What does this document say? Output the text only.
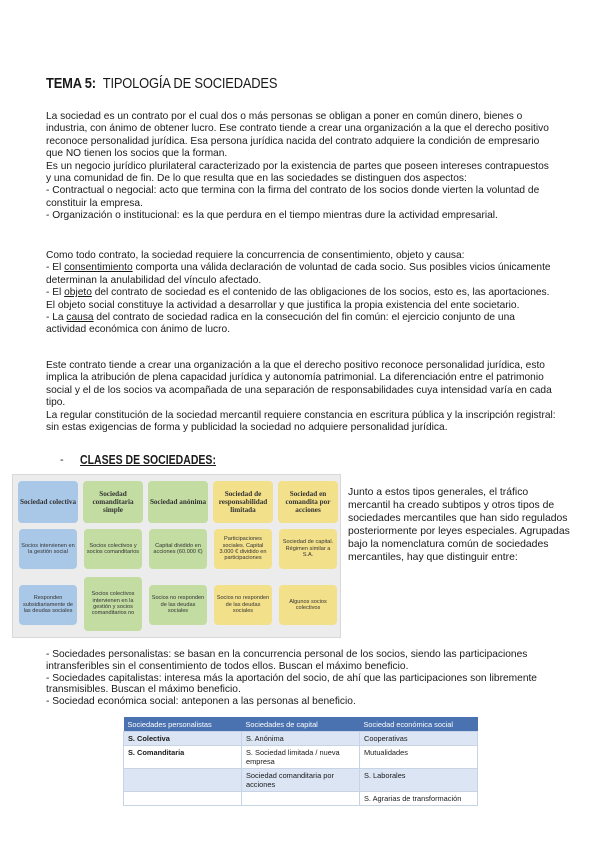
TEMA 5: TIPOLOGÍA DE SOCIEDADES

La sociedad es un contrato por el cual dos o más personas se obligan a poner en común dinero, bienes o industria, con ánimo de obtener lucro. Ese contrato tiende a crear una organización a la que el derecho positivo reconoce personalidad jurídica. Esa persona jurídica nacida del contrato adquiere la condición de empresario que NO tienen los socios que la forman.

Es un negocio jurídico plurilateral caracterizado por la existencia de partes que poseen intereses contrapuestos y una comunidad de fin. De lo que resulta que en las sociedades se distinguen dos aspectos:

- Contractual o negocial: acto que termina con la firma del contrato de los socios donde vierten la voluntad de constituir la empresa.

- Organización o institucional: es la que perdura en el tiempo mientras dure la actividad empresarial.

Como todo contrato, la sociedad requiere la concurrencia de consentimiento, objeto y causa:

- El consentimiento comporta una válida declaración de voluntad de cada socio. Sus posibles vicios únicamente determinan la anulabilidad del vínculo afectado.

- El objeto del contrato de sociedad es el contenido de las obligaciones de los socios, esto es, las aportaciones. El objeto social constituye la actividad a desarrollar y que justifica la propia existencia del ente societario.

- La causa del contrato de sociedad radica en la consecución del fin común: el ejercicio conjunto de una actividad económica con ánimo de lucro.

Este contrato tiende a crear una organización a la que el derecho positivo reconoce personalidad jurídica, esto implica la atribución de plena capacidad jurídica y autonomía patrimonial. La diferenciación entre el patrimonio social y el de los socios va acompañada de una separación de responsabilidades cuya intensidad varía en cada tipo.

La regular constitución de la sociedad mercantil requiere constancia en escritura pública y la inscripción registral: sin estas exigencias de forma y publicidad la sociedad no adquiere personalidad jurídica.

- CLASES DE SOCIEDADES:
Sociedad colectiva
Socios intervienen en la gestión social
Responden subsidiariamente de las deudas sociales
Sociedad comanditaria simple
Socios colectivos y socios comanditarios
Socios colectivos intervienen en la gestión y socios comanditarios no
Sociedad anónima
Capital dividido en acciones (60.000 €)
Socios no responden de las deudas sociales
Sociedad de responsabilidad limitada
Participaciones sociales. Capital 3.000 € dividido en participaciones
Socios no responden de las deudas sociales
Sociedad en comandita por acciones
Sociedad de capital. Régimen similar a S.A.
Algunos socios colectivos
Junto a estos tipos generales, el tráfico mercantil ha creado subtipos y otros tipos de sociedades mercantiles que han sido regulados posteriormente por leyes especiales. Agrupadas bajo la nomenclatura común de sociedades mercantiles, hay que distinguir entre:

- Sociedades personalistas: se basan en la concurrencia personal de los socios, siendo las participaciones intransferibles sin el consentimiento de todos ellos. Buscan el máximo beneficio.

- Sociedades capitalistas: interesa más la aportación del socio, de ahí que las participaciones son libremente transmisibles. Buscan el máximo beneficio.

- Sociedad económica social: anteponen a las personas al beneficio.

Sociedades personalistas	Sociedades de capital	Sociedad económica social
S. Colectiva	S. Anónima	Cooperativas
S. Comanditaria	S. Sociedad limitada / nueva empresa	Mutualidades
	Sociedad comanditaria por acciones	S. Laborales
		S. Agrarias de transformación
